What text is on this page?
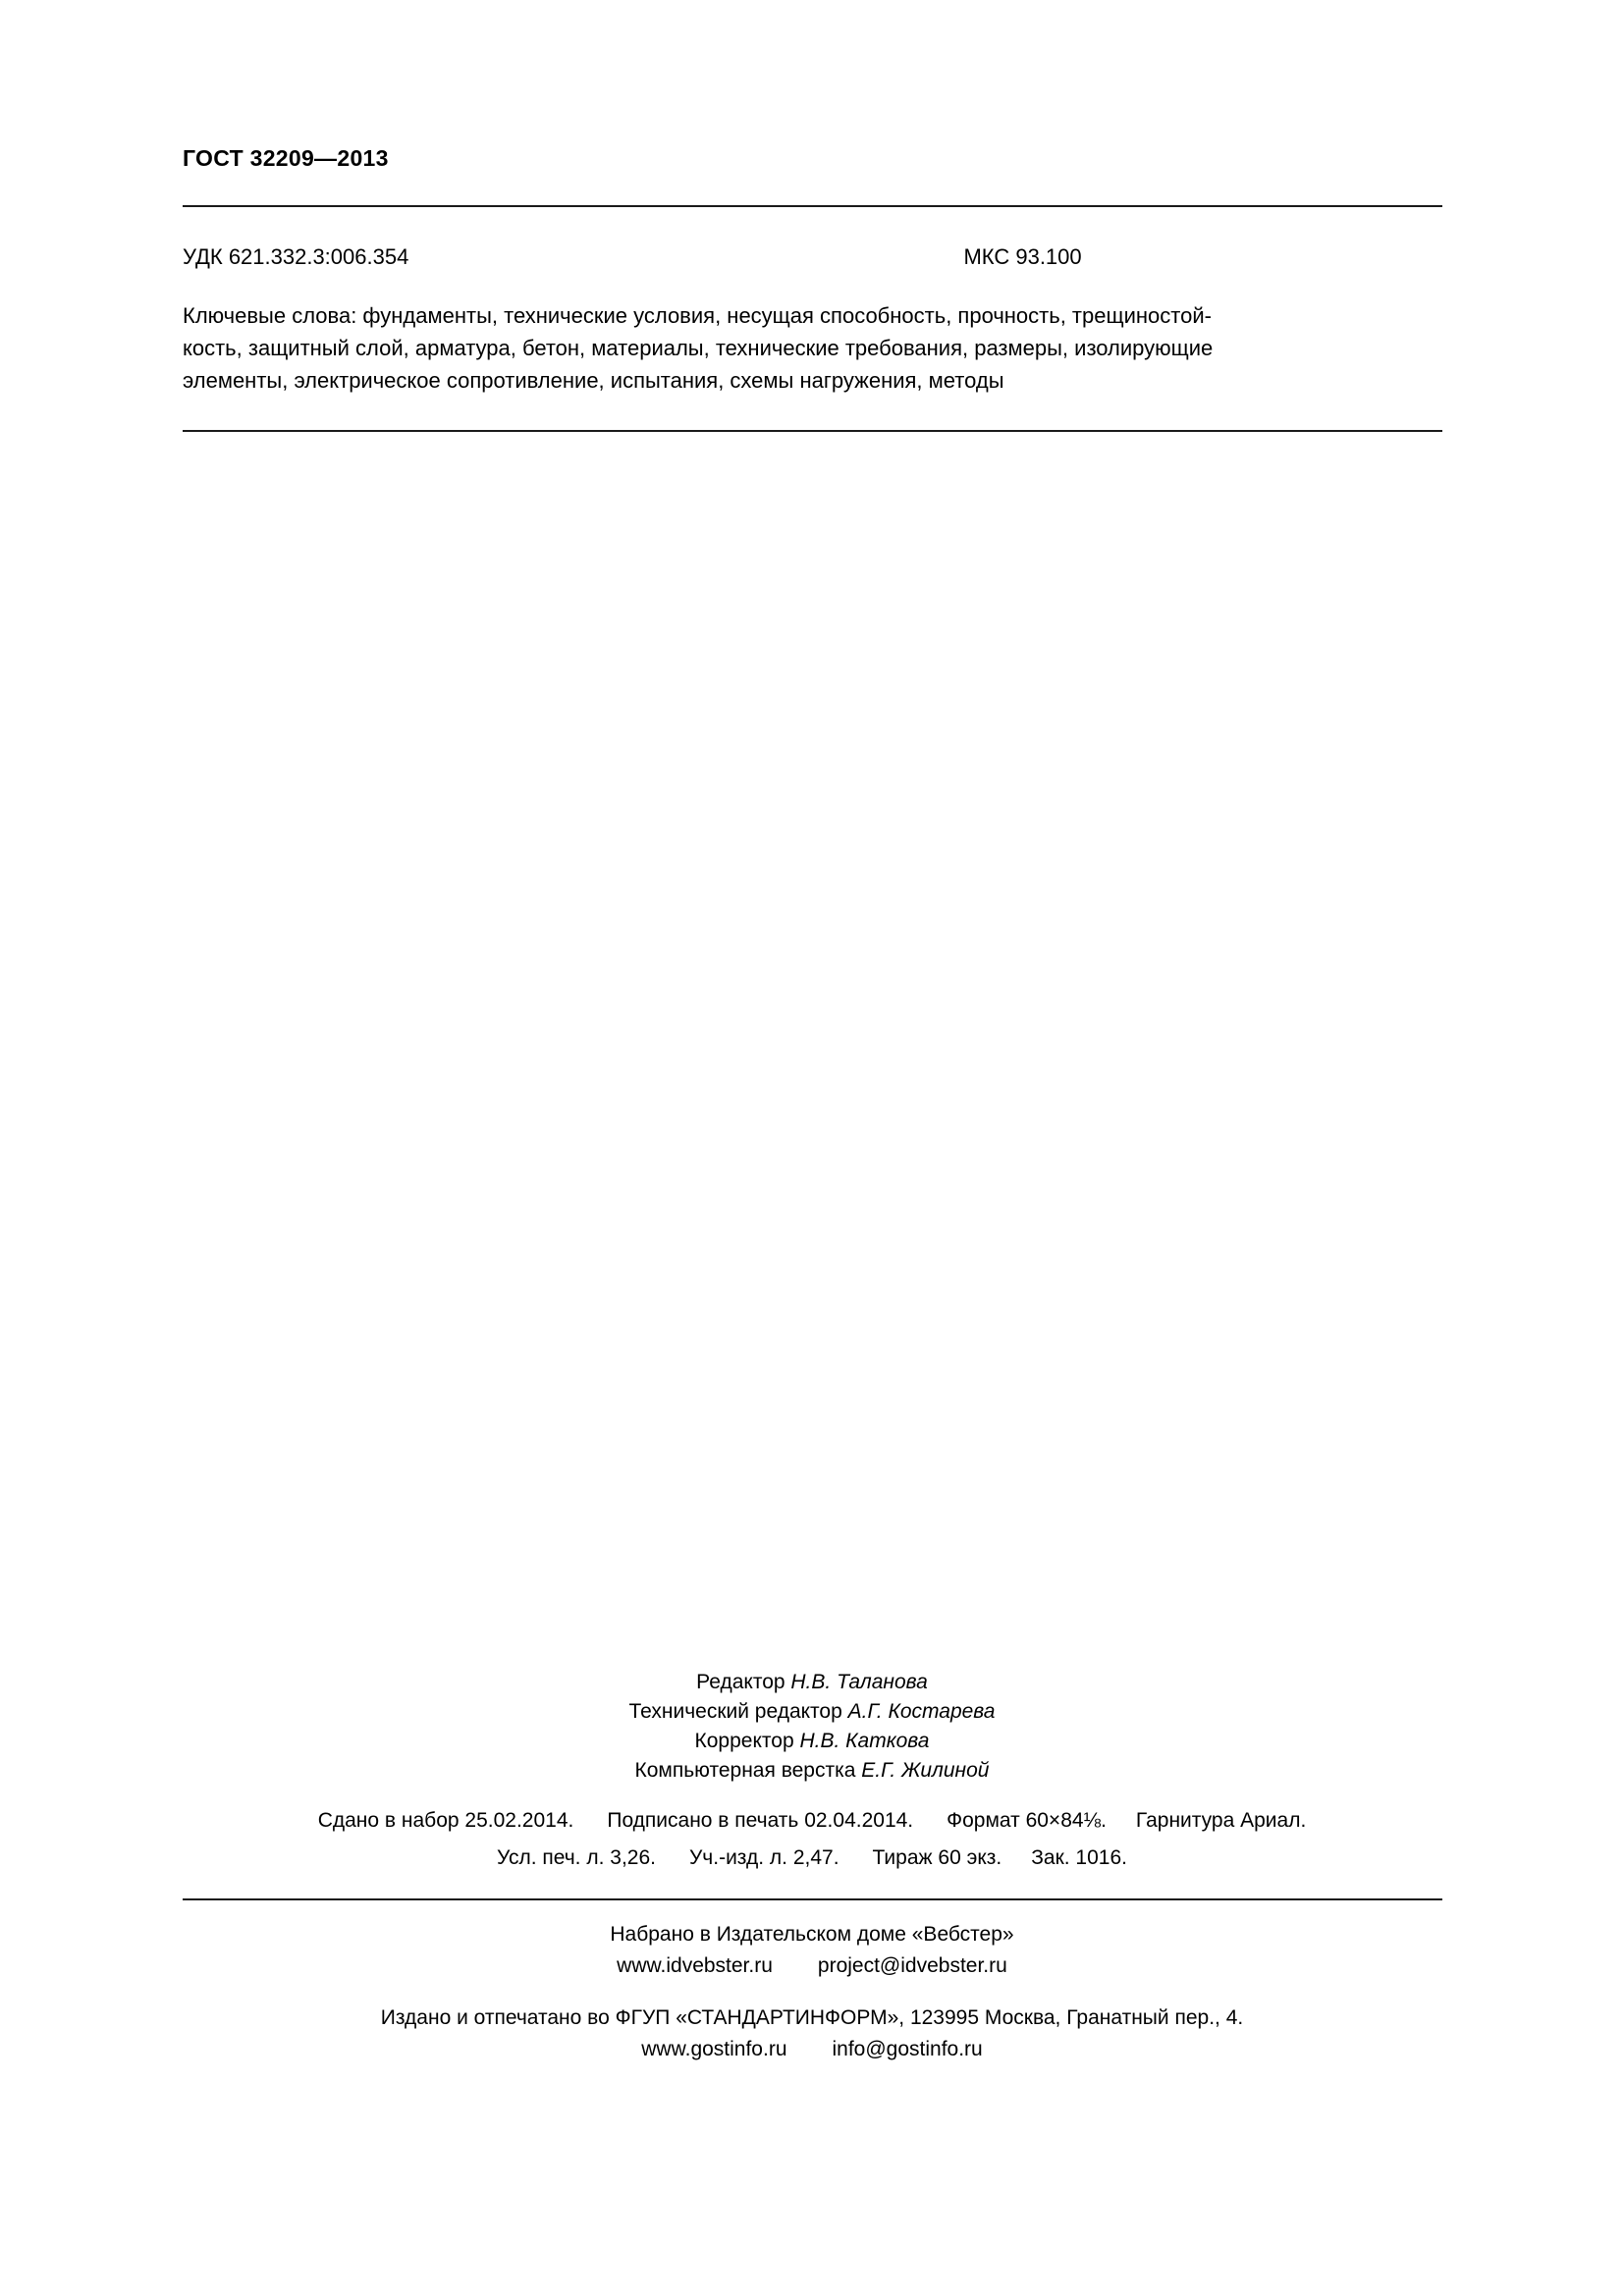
ГОСТ 32209—2013
УДК 621.332.3:006.354	МКС 93.100
Ключевые слова: фундаменты, технические условия, несущая способность, прочность, трещиностой-
кость, защитный слой, арматура, бетон, материалы, технические требования, размеры, изолирующие
элементы, электрическое сопротивление, испытания, схемы нагружения, методы
Редактор Н.В. Таланова
Технический редактор А.Г. Костарева
Корректор Н.В. Каткова
Компьютерная верстка Е.Г. Жилиной
Сдано в набор 25.02.2014. Подписано в печать 02.04.2014. Формат 60×84⅛. Гарнитура Ариал.
Усл. печ. л. 3,26. Уч.-изд. л. 2,47. Тираж 60 экз. Зак. 1016.
Набрано в Издательском доме «Вебстер»
www.idvebster.ru project@idvebster.ru
Издано и отпечатано во ФГУП «СТАНДАРТИНФОРМ», 123995 Москва, Гранатный пер., 4.
www.gostinfo.ru info@gostinfo.ru
